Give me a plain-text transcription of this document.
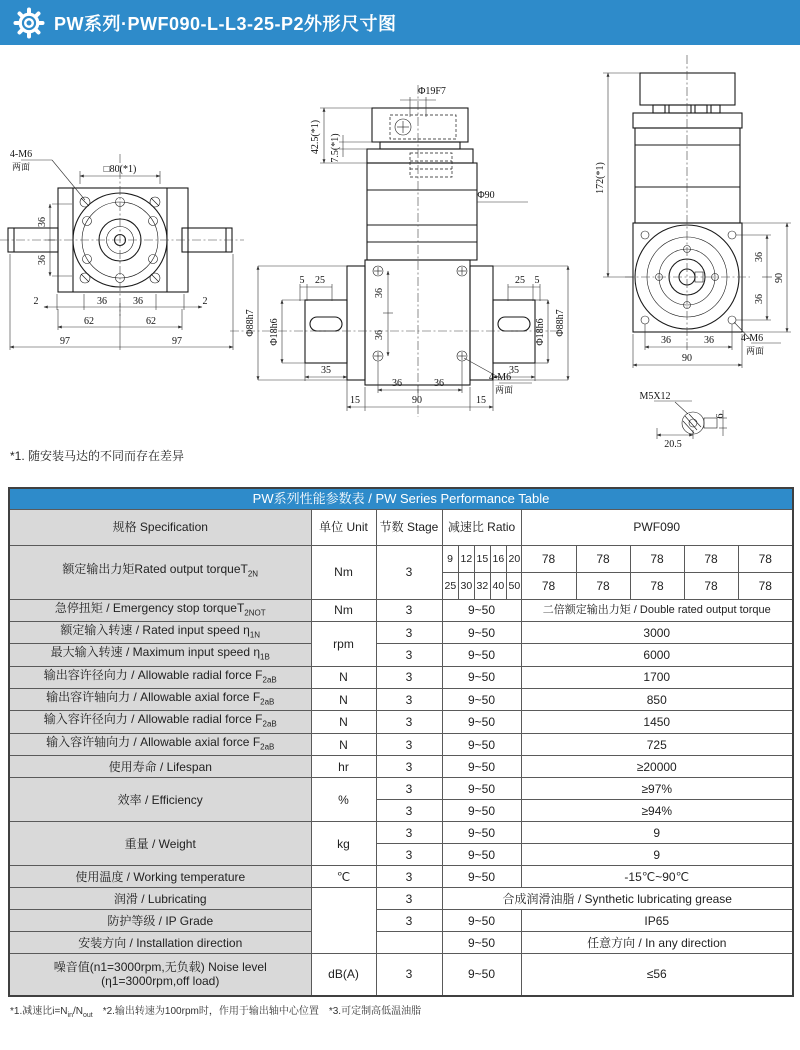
PW系列·PWF090-L-L3-25-P2外形尺寸图
□80(*1)
4-M6
两面
36
36
2	36	36	2
62	62
97	97
Φ19F7
42.5(*1) 7.5(*1)
Φ90
5 25	25 5
36
36
Φ88h7 Φ18h6
35	35
Φ18h6 Φ88h7
36	36
15	90	15
4-M6
两面
172(*1)
36
36
90
36	36
90
4-M6
两面
M5X12
20.5
6
*1. 随安装马达的不同而存在差异
PW系列性能参数表 / PW Series Performance Table												
规格 Specification	单位 Unit	节数 Stage	减速比 Ratio					PWF090				
额定输出力矩Rated output torqueT$_{2N}$	Nm	3	9	12	15	16	20	78	78	78	78	78
			25	30	32	40	50	78	78	78	78	78
急停扭矩 / Emergency stop torqueT$_{2NOT}$	Nm	3	9~50					二倍额定输出力矩 / Double rated output torque				
额定输入转速 / Rated input speed $\eta_{1N}$	rpm	3	9~50					3000				
最大输入转速 / Maximum input speed $\eta_{1B}$		3	9~50					6000				
输出容许径向力 / Allowable radial force $F_{2aB}$	N	3	9~50					1700				
输出容许轴向力 / Allowable axial force $F_{2aB}$	N	3	9~50					850				
输入容许径向力 / Allowable radial force $F_{2aB}$	N	3	9~50					1450				
输入容许轴向力 / Allowable axial force $F_{2aB}$	N	3	9~50					725				
使用寿命 / Lifespan	hr	3	9~50					≥20000				
效率 / Efficiency	%	3	9~50					≥97%				
		3	9~50					≥94%				
重量 / Weight	kg	3	9~50					9				
		3	9~50					9				
使用温度 / Working temperature	℃	3	9~50					-15℃~90℃				
润滑 / Lubricating		3	合成润滑油脂 / Synthetic lubricating grease									
防护等级 / IP Grade		3	9~50					IP65				
安装方向 / Installation direction			9~50					任意方向 / In any direction				

噪音值(n1=3000rpm,无负载) Noise level
(η1=3000rpm,off load)	dB(A)	3	9~50					≤56				
*1.减速比$i=N_{in}/N_{out}$　*2.输出转速为100rpm时，作用于输出轴中心位置　*3.可定制高低温油脂
